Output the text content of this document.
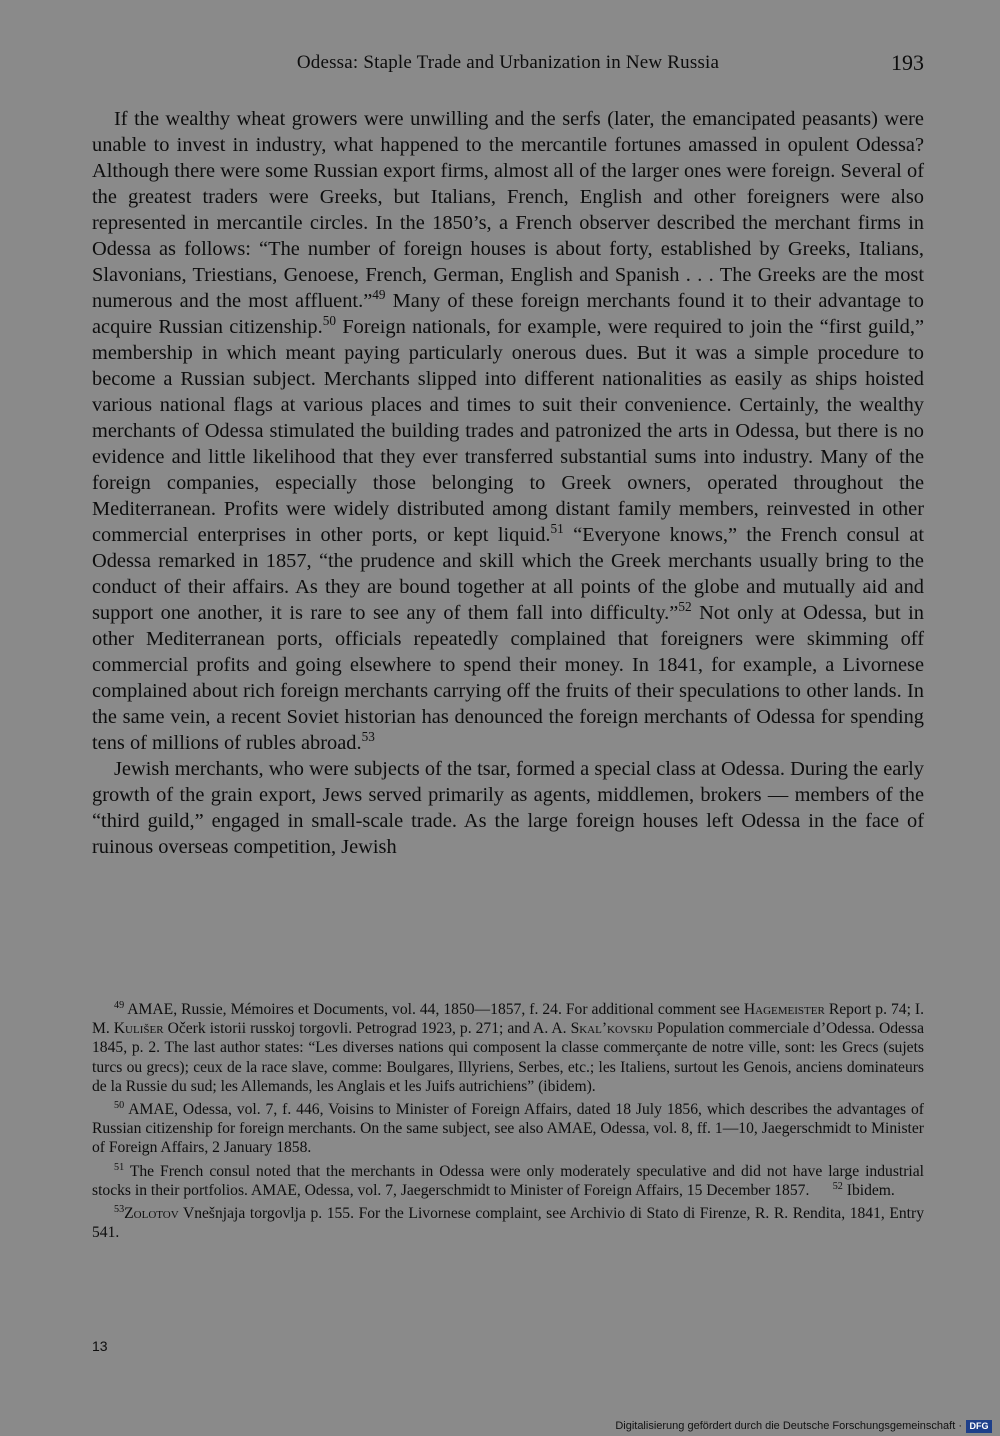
Odessa: Staple Trade and Urbanization in New Russia	193

If the wealthy wheat growers were unwilling and the serfs (later, the emancipated peasants) were unable to invest in industry, what happened to the mercantile fortunes amassed in opulent Odessa? Although there were some Russian export firms, almost all of the larger ones were foreign. Several of the greatest traders were Greeks, but Italians, French, English and other foreigners were also represented in mercantile circles. In the 1850’s, a French observer described the merchant firms in Odessa as follows: “The number of foreign houses is about forty, established by Greeks, Italians, Slavonians, Triestians, Genoese, French, German, English and Spanish . . . The Greeks are the most numerous and the most affluent.”$^{49}$ Many of these foreign merchants found it to their advantage to acquire Russian citizenship.$^{50}$ Foreign nationals, for example, were required to join the “first guild,” membership in which meant paying particularly onerous dues. But it was a simple procedure to become a Russian subject. Merchants slipped into different nationalities as easily as ships hoisted various national flags at various places and times to suit their convenience. Certainly, the wealthy merchants of Odessa stimulated the building trades and patronized the arts in Odessa, but there is no evidence and little likelihood that they ever transferred substantial sums into industry. Many of the foreign companies, especially those belonging to Greek owners, operated throughout the Mediterranean. Profits were widely distributed among distant family members, reinvested in other commercial enterprises in other ports, or kept liquid.$^{51}$ “Everyone knows,” the French consul at Odessa remarked in 1857, “the prudence and skill which the Greek merchants usually bring to the conduct of their affairs. As they are bound together at all points of the globe and mutually aid and support one another, it is rare to see any of them fall into difficulty.”$^{52}$ Not only at Odessa, but in other Mediterranean ports, officials repeatedly complained that foreigners were skimming off commercial profits and going elsewhere to spend their money. In 1841, for example, a Livornese complained about rich foreign merchants carrying off the fruits of their speculations to other lands. In the same vein, a recent Soviet historian has denounced the foreign merchants of Odessa for spending tens of millions of rubles abroad.$^{53}$

Jewish merchants, who were subjects of the tsar, formed a special class at Odessa. During the early growth of the grain export, Jews served primarily as agents, middlemen, brokers — members of the “third guild,” engaged in small-scale trade. As the large foreign houses left Odessa in the face of ruinous overseas competition, Jewish

$^{49}$ AMAE, Russie, Mémoires et Documents, vol. 44, 1850—1857, f. 24. For additional comment see Hagemeister Report p. 74; I. M. Kulišer Očerk istorii russkoj torgovli. Petrograd 1923, p. 271; and A. A. Skal’kovskij Population commerciale d’Odessa. Odessa 1845, p. 2. The last author states: “Les diverses nations qui composent la classe commerçante de notre ville, sont: les Grecs (sujets turcs ou grecs); ceux de la race slave, comme: Boulgares, Illyriens, Serbes, etc.; les Italiens, surtout les Genois, anciens dominateurs de la Russie du sud; les Allemands, les Anglais et les Juifs autrichiens” (ibidem).

$^{50}$ AMAE, Odessa, vol. 7, f. 446, Voisins to Minister of Foreign Affairs, dated 18 July 1856, which describes the advantages of Russian citizenship for foreign merchants. On the same subject, see also AMAE, Odessa, vol. 8, ff. 1—10, Jaegerschmidt to Minister of Foreign Affairs, 2 January 1858.

$^{51}$ The French consul noted that the merchants in Odessa were only moderately speculative and did not have large industrial stocks in their portfolios. AMAE, Odessa, vol. 7, Jaegerschmidt to Minister of Foreign Affairs, 15 December 1857. $^{52}$ Ibidem.

$^{53}$Zolotov Vnešnjaja torgovlja p. 155. For the Livornese complaint, see Archivio di Stato di Firenze, R. R. Rendita, 1841, Entry 541.

13
Digitalisierung gefördert durch die Deutsche Forschungsgemeinschaft · DFG
